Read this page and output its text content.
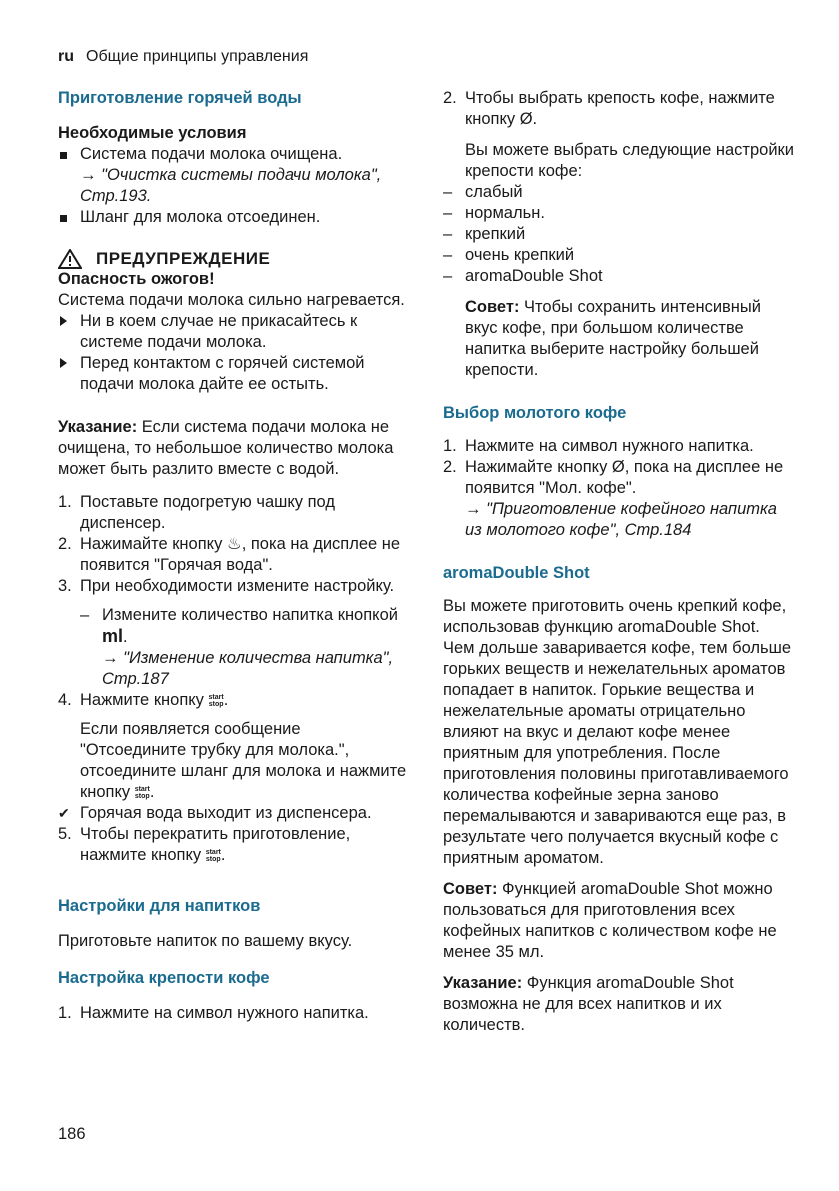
ru Общие принципы управления
Приготовление горячей воды
Необходимые условия
Система подачи молока очищена.
→ "Очистка системы подачи молока", Стр.193.
Шланг для молока отсоединен.
ПРЕДУПРЕЖДЕНИЕ
Опасность ожогов!

Система подачи молока сильно нагревается.

Ни в коем случае не прикасайтесь к системе подачи молока.
Перед контактом с горячей системой подачи молока дайте ее остыть.

Указание: Если система подачи молока не очищена, то небольшое количество молока может быть разлито вместе с водой.

1. Поставьте подогретую чашку под диспенсер.
2. Нажимайте кнопку ♨, пока на дисплее не появится "Горячая вода".
3. При необходимости измените настройку.
– Измените количество напитка кнопкой ml.
→ "Изменение количества напитка", Стр.187
4. Нажмите кнопку start
stop.
Если появляется сообщение "Отсоедините трубку для молока.", отсоедините шланг для молока и нажмите кнопку start
stop.
✔ Горячая вода выходит из диспенсера.
5. Чтобы перекратить приготовление, нажмите кнопку start
stop.
Настройки для напитков

Приготовьте напиток по вашему вкусу.

Настройка крепости кофе
1. Нажмите на символ нужного напитка.
2. Чтобы выбрать крепость кофе, нажмите кнопку Ø.
Вы можете выбрать следующие настройки крепости кофе:
– слабый
– нормальн.
– крепкий
– очень крепкий
– aromaDouble Shot
Совет: Чтобы сохранить интенсивный вкус кофе, при большом количестве напитка выберите настройку большей крепости.
Выбор молотого кофе
1. Нажмите на символ нужного напитка.
2. Нажимайте кнопку Ø, пока на дисплее не появится "Мол. кофе".
→ "Приготовление кофейного напитка из молотого кофе", Стр.184
aromaDouble Shot

Вы можете приготовить очень крепкий кофе, использовав функцию aromaDouble Shot.

Чем дольше заваривается кофе, тем больше горьких веществ и нежелательных ароматов попадает в напиток. Горькие вещества и нежелательные ароматы отрицательно влияют на вкус и делают кофе менее приятным для употребления. После приготовления половины приготавливаемого количества кофейные зерна заново перемалываются и завариваются еще раз, в результате чего получается вкусный кофе с приятным ароматом.

Совет: Функцией aromaDouble Shot можно пользоваться для приготовления всех кофейных напитков с количеством кофе не менее 35 мл.

Указание: Функция aromaDouble Shot возможна не для всех напитков и их количеств.

186
